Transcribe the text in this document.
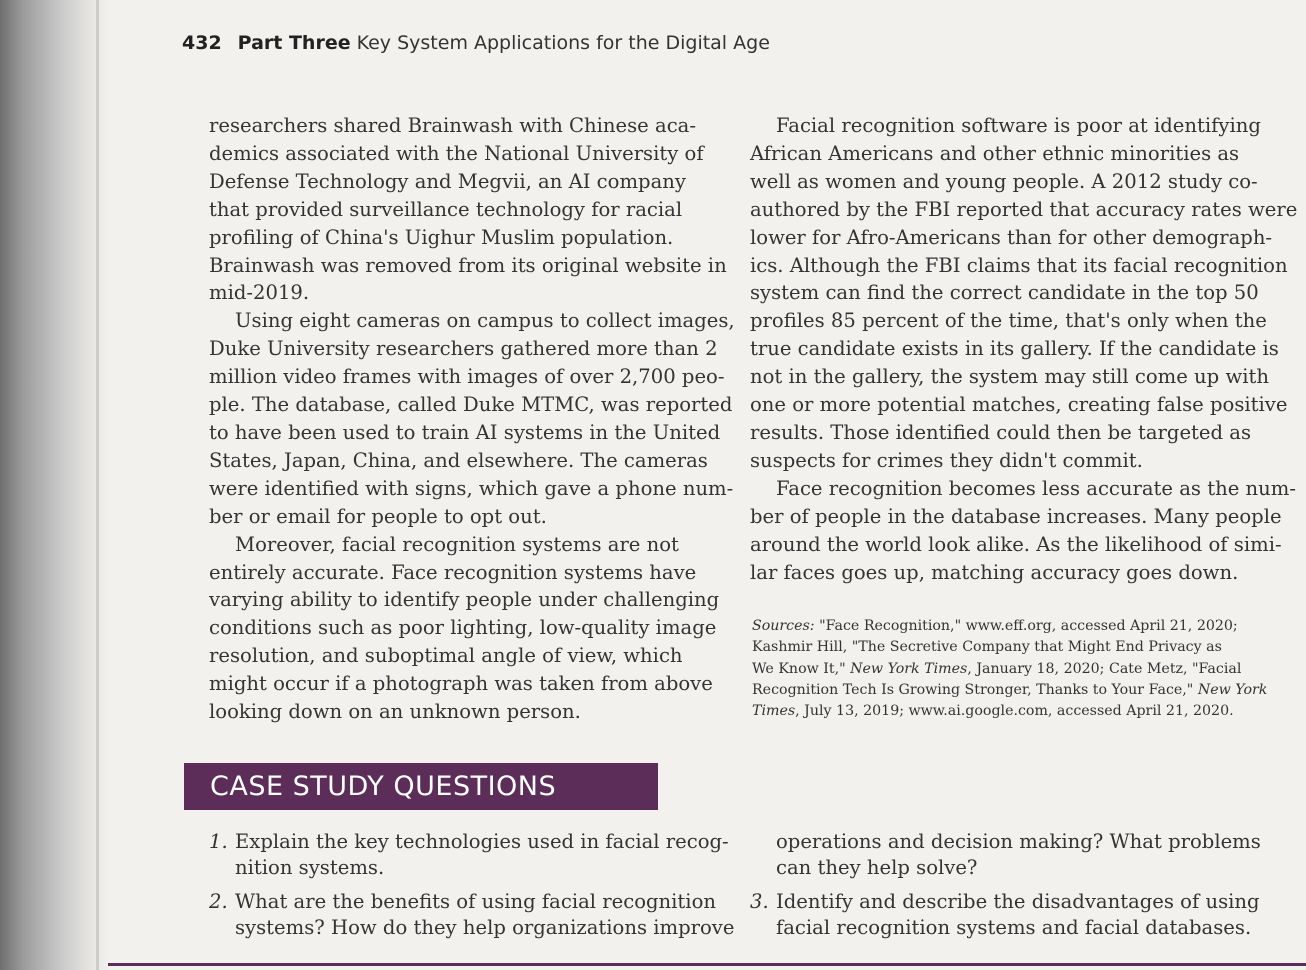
432 Part Three Key System Applications for the Digital Age
researchers shared Brainwash with Chinese aca-
demics associated with the National University of
Defense Technology and Megvii, an AI company
that provided surveillance technology for racial
profiling of China's Uighur Muslim population.
Brainwash was removed from its original website in
mid-2019.
Using eight cameras on campus to collect images,
Duke University researchers gathered more than 2
million video frames with images of over 2,700 peo-
ple. The database, called Duke MTMC, was reported
to have been used to train AI systems in the United
States, Japan, China, and elsewhere. The cameras
were identified with signs, which gave a phone num-
ber or email for people to opt out.
Moreover, facial recognition systems are not
entirely accurate. Face recognition systems have
varying ability to identify people under challenging
conditions such as poor lighting, low-quality image
resolution, and suboptimal angle of view, which
might occur if a photograph was taken from above
looking down on an unknown person.
Facial recognition software is poor at identifying
African Americans and other ethnic minorities as
well as women and young people. A 2012 study co-
authored by the FBI reported that accuracy rates were
lower for Afro-Americans than for other demograph-
ics. Although the FBI claims that its facial recognition
system can find the correct candidate in the top 50
profiles 85 percent of the time, that's only when the
true candidate exists in its gallery. If the candidate is
not in the gallery, the system may still come up with
one or more potential matches, creating false positive
results. Those identified could then be targeted as
suspects for crimes they didn't commit.
Face recognition becomes less accurate as the num-
ber of people in the database increases. Many people
around the world look alike. As the likelihood of simi-
lar faces goes up, matching accuracy goes down.
Sources: "Face Recognition," www.eff.org, accessed April 21, 2020;
Kashmir Hill, "The Secretive Company that Might End Privacy as
We Know It," New York Times, January 18, 2020; Cate Metz, "Facial
Recognition Tech Is Growing Stronger, Thanks to Your Face," New York
Times, July 13, 2019; www.ai.google.com, accessed April 21, 2020.
CASE STUDY QUESTIONS
1. Explain the key technologies used in facial recog-
nition systems.
2. What are the benefits of using facial recognition
systems? How do they help organizations improve
operations and decision making? What problems
can they help solve?
3. Identify and describe the disadvantages of using
facial recognition systems and facial databases.
